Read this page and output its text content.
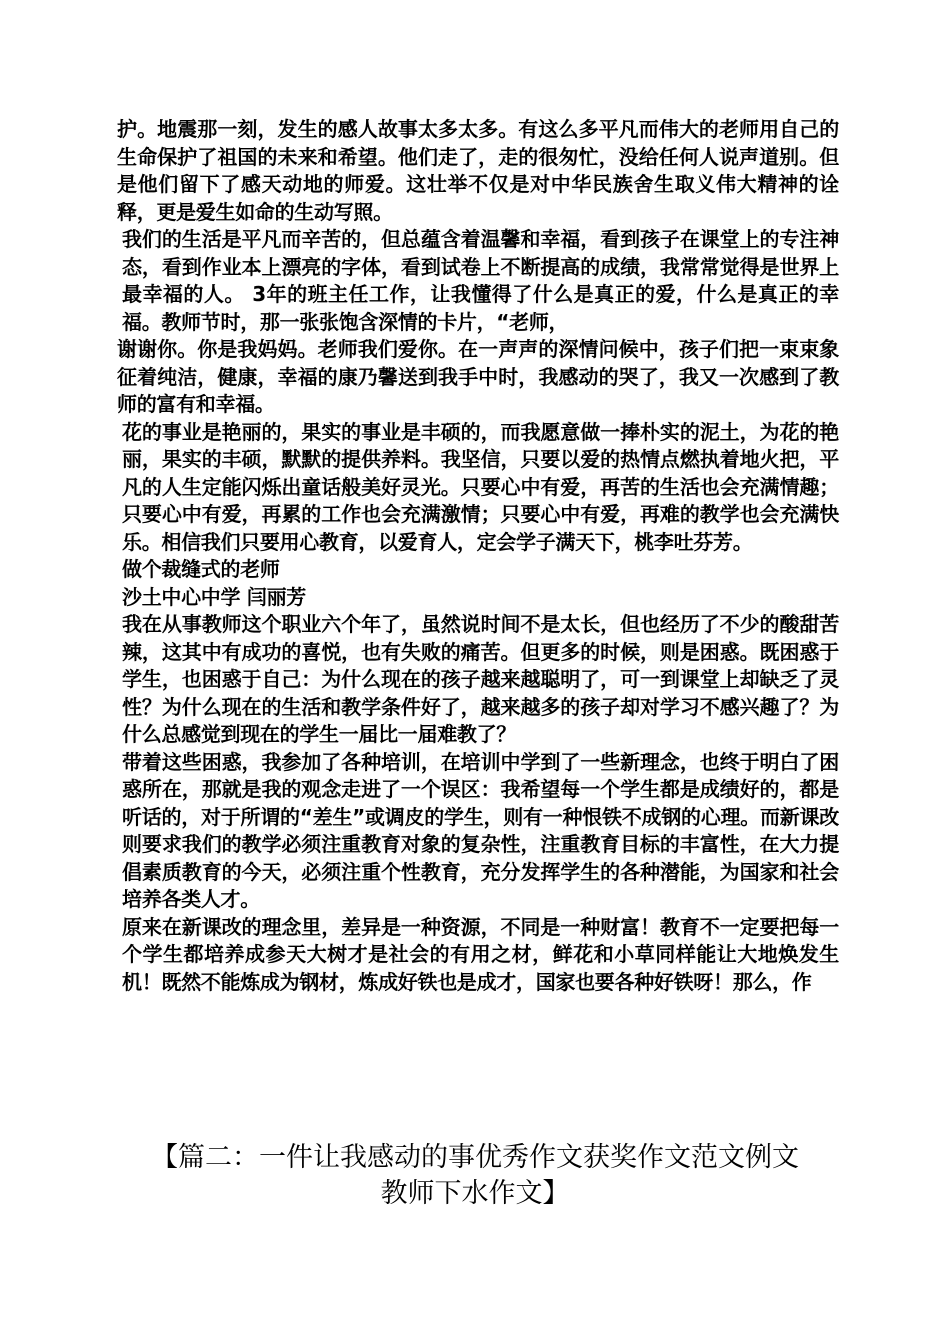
护。地震那一刻，发生的感人故事太多太多。有这么多平凡而伟大的老师用自己的生命保护了祖国的未来和希望。他们走了，走的很匆忙，没给任何人说声道别。但是他们留下了感天动地的师爱。这壮举不仅是对中华民族舍生取义伟大精神的诠释，更是爱生如命的生动写照。

我们的生活是平凡而辛苦的，但总蕴含着温馨和幸福，看到孩子在课堂上的专注神态，看到作业本上漂亮的字体，看到试卷上不断提高的成绩，我常常觉得是世界上最幸福的人。 3年的班主任工作，让我懂得了什么是真正的爱，什么是真正的幸福。教师节时，那一张张饱含深情的卡片，“老师，

谢谢你。你是我妈妈。老师我们爱你。在一声声的深情问候中，孩子们把一束束象征着纯洁，健康，幸福的康乃馨送到我手中时，我感动的哭了，我又一次感到了教师的富有和幸福。

花的事业是艳丽的，果实的事业是丰硕的，而我愿意做一捧朴实的泥土，为花的艳丽，果实的丰硕，默默的提供养料。我坚信，只要以爱的热情点燃执着地火把，平凡的人生定能闪烁出童话般美好灵光。只要心中有爱，再苦的生活也会充满情趣；只要心中有爱，再累的工作也会充满激情；只要心中有爱，再难的教学也会充满快乐。相信我们只要用心教育，以爱育人，定会学子满天下，桃李吐芬芳。

做个裁缝式的老师

沙土中心中学 闫丽芳

我在从事教师这个职业六个年了，虽然说时间不是太长，但也经历了不少的酸甜苦辣，这其中有成功的喜悦，也有失败的痛苦。但更多的时候，则是困惑。既困惑于学生，也困惑于自己：为什么现在的孩子越来越聪明了，可一到课堂上却缺乏了灵性？为什么现在的生活和教学条件好了，越来越多的孩子却对学习不感兴趣了？为什么总感觉到现在的学生一届比一届难教了？

带着这些困惑，我参加了各种培训，在培训中学到了一些新理念，也终于明白了困惑所在，那就是我的观念走进了一个误区：我希望每一个学生都是成绩好的，都是听话的，对于所谓的“差生”或调皮的学生，则有一种恨铁不成钢的心理。而新课改则要求我们的教学必须注重教育对象的复杂性，注重教育目标的丰富性，在大力提倡素质教育的今天，必须注重个性教育，充分发挥学生的各种潜能，为国家和社会培养各类人才。

原来在新课改的理念里，差异是一种资源，不同是一种财富！教育不一定要把每一个学生都培养成参天大树才是社会的有用之材，鲜花和小草同样能让大地焕发生机！既然不能炼成为钢材，炼成好铁也是成才，国家也要各种好铁呀！那么，作

【篇二：一件让我感动的事优秀作文获奖作文范文例文
教师下水作文】
